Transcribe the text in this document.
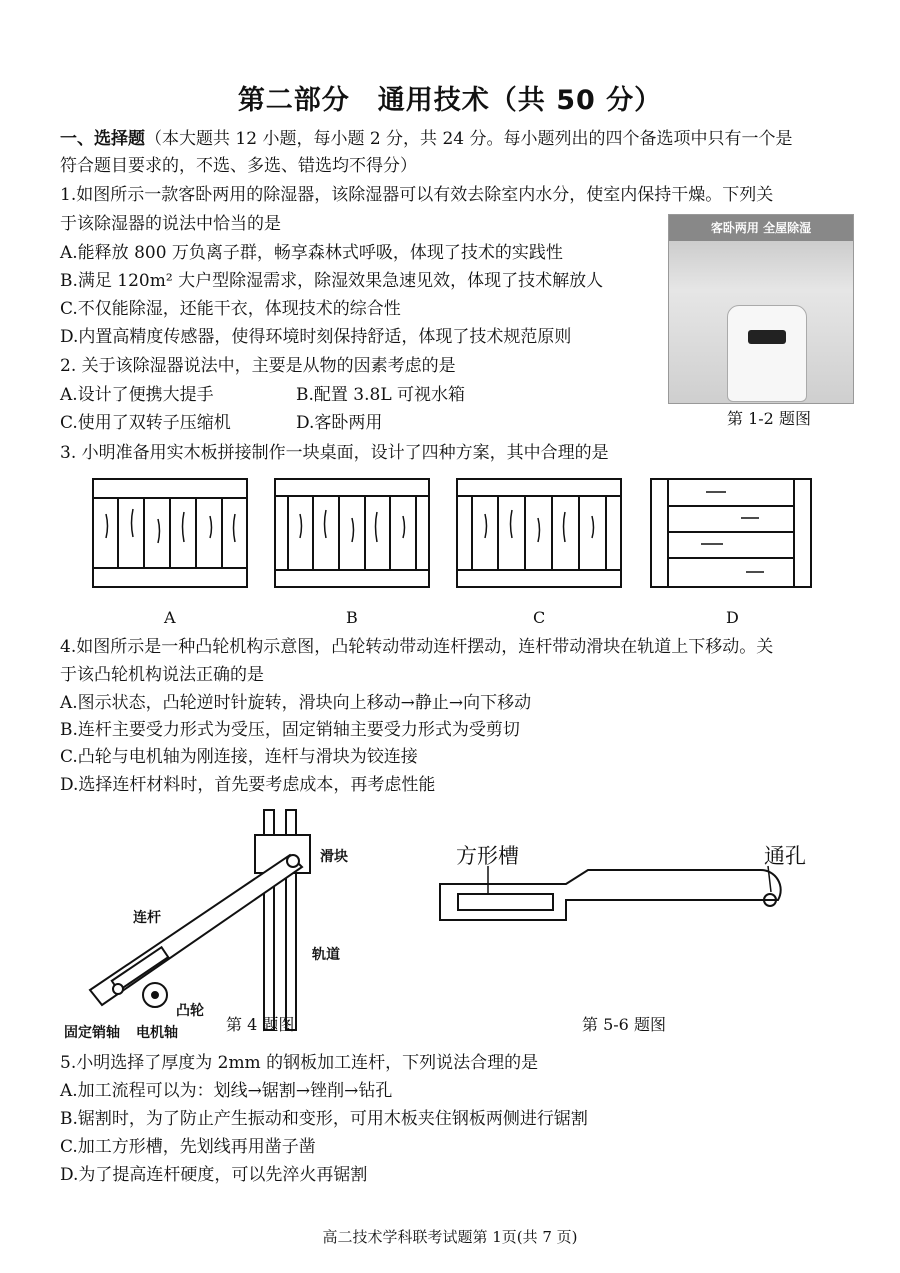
第二部分　通用技术（共 50 分）
一、选择题（本大题共 12 小题，每小题 2 分，共 24 分。每小题列出的四个备选项中只有一个是
符合题目要求的，不选、多选、错选均不得分）
1.如图所示一款客卧两用的除湿器，该除湿器可以有效去除室内水分，使室内保持干燥。下列关
于该除湿器的说法中恰当的是
A.能释放 800 万负离子群，畅享森林式呼吸，体现了技术的实践性
B.满足 120m² 大户型除湿需求，除湿效果急速见效，体现了技术解放人
C.不仅能除湿，还能干衣，体现技术的综合性
D.内置高精度传感器，使得环境时刻保持舒适，体现了技术规范原则
2. 关于该除湿器说法中，主要是从物的因素考虑的是
A.设计了便携大提手	B.配置 3.8L 可视水箱
C.使用了双转子压缩机	D.客卧两用
客卧两用 全屋除湿
第 1-2 题图
3. 小明准备用实木板拼接制作一块桌面，设计了四种方案，其中合理的是
A	B	C	D
4.如图所示是一种凸轮机构示意图，凸轮转动带动连杆摆动，连杆带动滑块在轨道上下移动。关
于该凸轮机构说法正确的是
A.图示状态，凸轮逆时针旋转，滑块向上移动→静止→向下移动
B.连杆主要受力形式为受压，固定销轴主要受力形式为受剪切
C.凸轮与电机轴为刚连接，连杆与滑块为铰连接
D.选择连杆材料时，首先要考虑成本，再考虑性能
滑块
连杆
轨道
凸轮
固定销轴 电机轴	第 4 题图
方形槽	通孔
第 5-6 题图
5.小明选择了厚度为 2mm 的钢板加工连杆，下列说法合理的是
A.加工流程可以为：划线→锯割→锉削→钻孔
B.锯割时，为了防止产生振动和变形，可用木板夹住钢板两侧进行锯割
C.加工方形槽，先划线再用凿子凿
D.为了提高连杆硬度，可以先淬火再锯割
高二技术学科联考试题第 1页(共 7 页)
